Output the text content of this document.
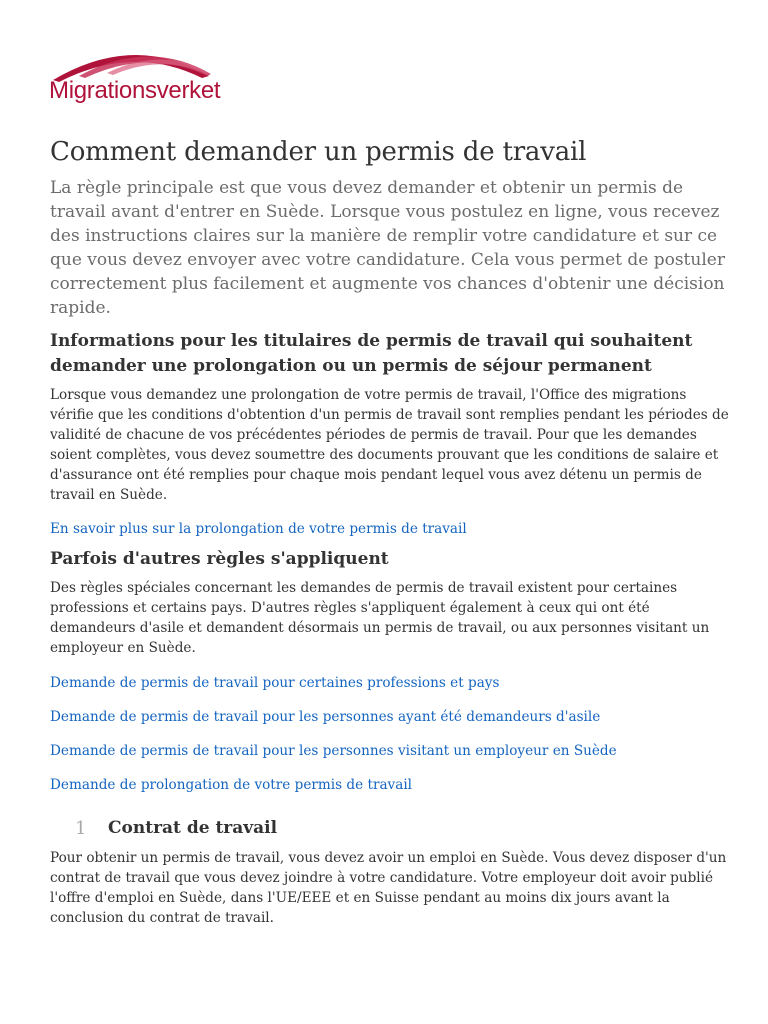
Migrationsverket
Comment demander un permis de travail

La règle principale est que vous devez demander et obtenir un permis de travail avant d'entrer en Suède. Lorsque vous postulez en ligne, vous recevez des instructions claires sur la manière de remplir votre candidature et sur ce que vous devez envoyer avec votre candidature. Cela vous permet de postuler correctement plus facilement et augmente vos chances d'obtenir une décision rapide.

Informations pour les titulaires de permis de travail qui souhaitent demander une prolongation ou un permis de séjour permanent

Lorsque vous demandez une prolongation de votre permis de travail, l'Office des migrations vérifie que les conditions d'obtention d'un permis de travail sont remplies pendant les périodes de validité de chacune de vos précédentes périodes de permis de travail. Pour que les demandes soient complètes, vous devez soumettre des documents prouvant que les conditions de salaire et d'assurance ont été remplies pour chaque mois pendant lequel vous avez détenu un permis de travail en Suède.

En savoir plus sur la prolongation de votre permis de travail
Parfois d'autres règles s'appliquent

Des règles spéciales concernant les demandes de permis de travail existent pour certaines professions et certains pays. D'autres règles s'appliquent également à ceux qui ont été demandeurs d'asile et demandent désormais un permis de travail, ou aux personnes visitant un employeur en Suède.

Demande de permis de travail pour certaines professions et pays
Demande de permis de travail pour les personnes ayant été demandeurs d'asile
Demande de permis de travail pour les personnes visitant un employeur en Suède
Demande de prolongation de votre permis de travail
1 Contrat de travail

Pour obtenir un permis de travail, vous devez avoir un emploi en Suède. Vous devez disposer d'un contrat de travail que vous devez joindre à votre candidature. Votre employeur doit avoir publié l'offre d'emploi en Suède, dans l'UE/EEE et en Suisse pendant au moins dix jours avant la conclusion du contrat de travail.
